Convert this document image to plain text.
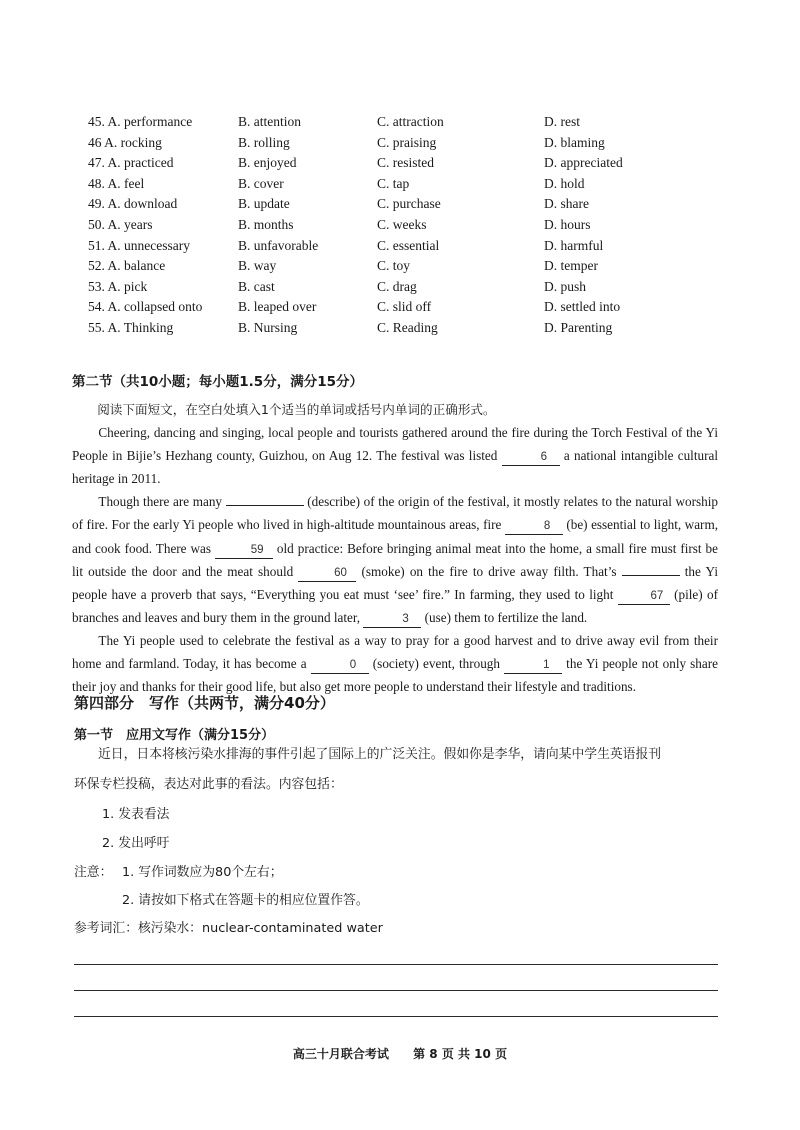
45. A. performance	B. attention	C. attraction	D. rest
46 A. rocking	B. rolling	C. praising	D. blaming
47. A. practiced	B. enjoyed	C. resisted	D. appreciated
48. A. feel	B. cover	C. tap	D. hold
49. A. download	B. update	C. purchase	D. share
50. A. years	B. months	C. weeks	D. hours
51. A. unnecessary	B. unfavorable	C. essential	D. harmful
52. A. balance	B. way	C. toy	D. temper
53. A. pick	B. cast	C. drag	D. push
54. A. collapsed onto	B. leaped over	C. slid off	D. settled into
55. A. Thinking	B. Nursing	C. Reading	D. Parenting
第二节（共10小题；每小题1.5分，满分15分）

阅读下面短文，在空白处填入1个适当的单词或括号内单词的正确形式。

Cheering, dancing and singing, local people and tourists gathered around the fire during the Torch Festival of the Yi People in Bijie’s Hezhang county, Guizhou, on Aug 12. The festival was listed	6 a national intangible cultural heritage in 2011.

Though there are many	(describe) of the origin of the festival, it mostly relates to the natural worship of fire. For the early Yi people who lived in high-altitude mountainous areas, fire	8 (be) essential to light, warm, and cook food. There was	59 old practice: Before bringing animal meat into the home, a small fire must first be lit outside the door and the meat should	60 (smoke) on the fire to drive away filth. That’s	the Yi people have a proverb that says, “Everything you eat must ‘see’ fire.” In farming, they used to light	67 (pile) of branches and leaves and bury them in the ground later,	3 (use) them to fertilize the land.

The Yi people used to celebrate the festival as a way to pray for a good harvest and to drive away evil from their home and farmland. Today, it has become a	0 (society) event, through	1 the Yi people not only share their joy and thanks for their good life, but also get more people to understand their lifestyle and traditions.

第四部分　写作（共两节，满分40分）
第一节　应用文写作（满分15分）
近日，日本将核污染水排海的事件引起了国际上的广泛关注。假如你是李华，请向某中学生英语报刊
环保专栏投稿，表达对此事的看法。内容包括：
1. 发表看法
2. 发出呼吁
注意： 1. 写作词数应为80个左右；
2. 请按如下格式在答题卡的相应位置作答。
参考词汇：核污染水：nuclear-contaminated water
高三十月联合考试 第 8 页 共 10 页
